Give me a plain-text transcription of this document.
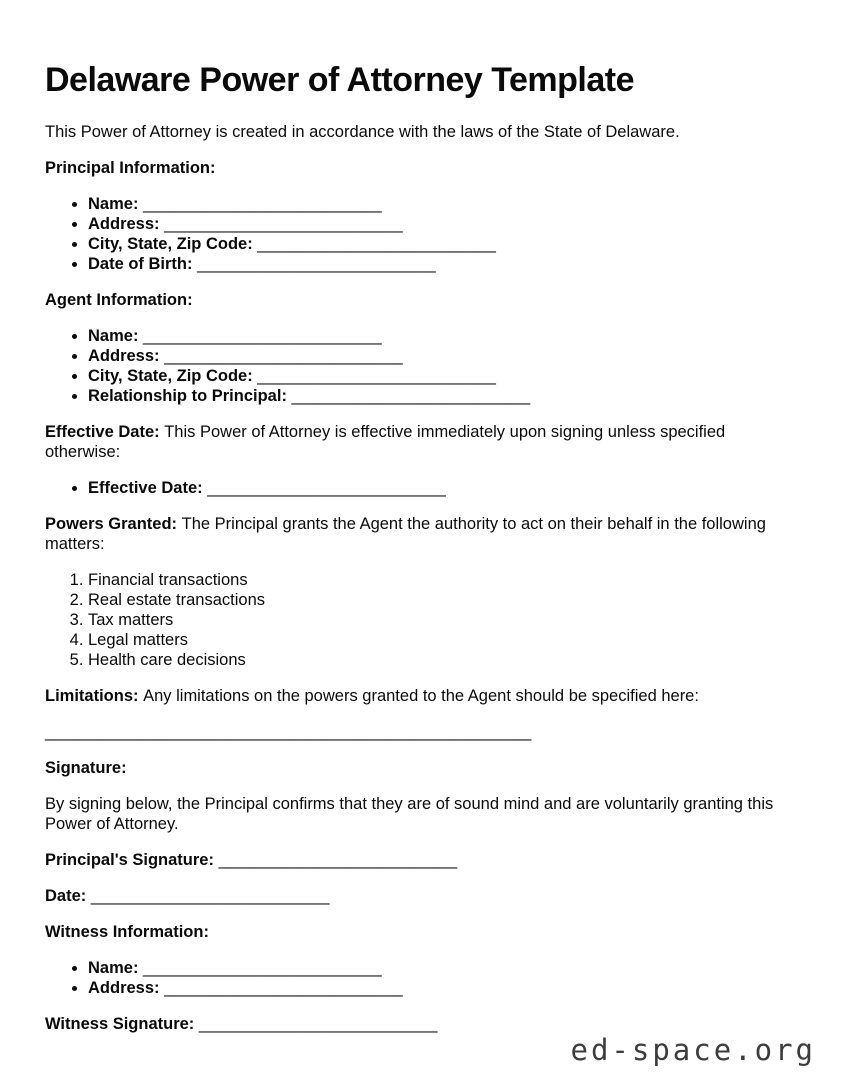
Delaware Power of Attorney Template

This Power of Attorney is created in accordance with the laws of the State of Delaware.

Principal Information:

• Name: __________________________
• Address: __________________________
• City, State, Zip Code: __________________________
• Date of Birth: __________________________

Agent Information:

• Name: __________________________
• Address: __________________________
• City, State, Zip Code: __________________________
• Relationship to Principal: __________________________

Effective Date: This Power of Attorney is effective immediately upon signing unless specified otherwise:

• Effective Date: __________________________

Powers Granted: The Principal grants the Agent the authority to act on their behalf in the following matters:

1. Financial transactions
2. Real estate transactions
3. Tax matters
4. Legal matters
5. Health care decisions

Limitations: Any limitations on the powers granted to the Agent should be specified here:

_____________________________________________________

Signature:

By signing below, the Principal confirms that they are of sound mind and are voluntarily granting this Power of Attorney.

Principal's Signature: __________________________

Date: __________________________

Witness Information:

• Name: __________________________
• Address: __________________________

Witness Signature: __________________________

ed-space.org
